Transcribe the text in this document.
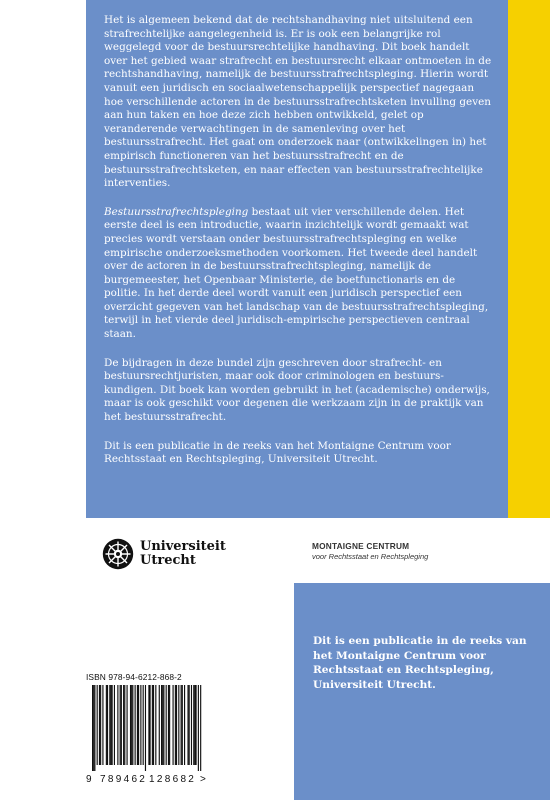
Het is algemeen bekend dat de rechtshandhaving niet uitsluitend een strafrechtelijke aangelegenheid is. Er is ook een belangrijke rol weggelegd voor de bestuursrechtelijke handhaving. Dit boek handelt over het gebied waar strafrecht en bestuursrecht elkaar ontmoeten in de rechtshandhaving, namelijk de bestuursstrafrechtspleging. Hierin wordt vanuit een juridisch en sociaalwetenschappelijk perspectief nagegaan hoe verschillende actoren in de bestuursstrafrechtsketen invulling geven aan hun taken en hoe deze zich hebben ontwikkeld, gelet op veranderende verwachtingen in de samenleving over het bestuursstrafrecht. Het gaat om onderzoek naar (ontwikkelingen in) het empirisch functioneren van het bestuursstrafrecht en de bestuursstrafrechtsketen, en naar effecten van bestuursstrafrechtelijke interventies.

Bestuursstrafrechtspleging bestaat uit vier verschillende delen. Het eerste deel is een introductie, waarin inzichtelijk wordt gemaakt wat precies wordt verstaan onder bestuursstrafrechtspleging en welke empirische onderzoeksmethoden voorkomen. Het tweede deel handelt over de actoren in de bestuursstrafrechtspleging, namelijk de burgemeester, het Openbaar Ministerie, de boetfunctionaris en de politie. In het derde deel wordt vanuit een juridisch perspectief een overzicht gegeven van het landschap van de bestuursstrafrechtspleging, terwijl in het vierde deel juridisch-empirische perspectieven centraal staan.

De bijdragen in deze bundel zijn geschreven door strafrecht- en bestuursrechtjuristen, maar ook door criminologen en bestuurskundigen. Dit boek kan worden gebruikt in het (academische) onderwijs, maar is ook geschikt voor degenen die werkzaam zijn in de praktijk van het bestuursstrafrecht.

Dit is een publicatie in de reeks van het Montaigne Centrum voor Rechtsstaat en Rechtspleging, Universiteit Utrecht.

Universiteit
Utrecht
MONTAIGNE CENTRUM
voor Rechtsstaat en Rechtspleging
Dit is een publicatie in de reeks van het Montaigne Centrum voor Rechtsstaat en Rechtspleging, Universiteit Utrecht.
ISBN 978-94-6212-868-2
9 789462 128682 >
